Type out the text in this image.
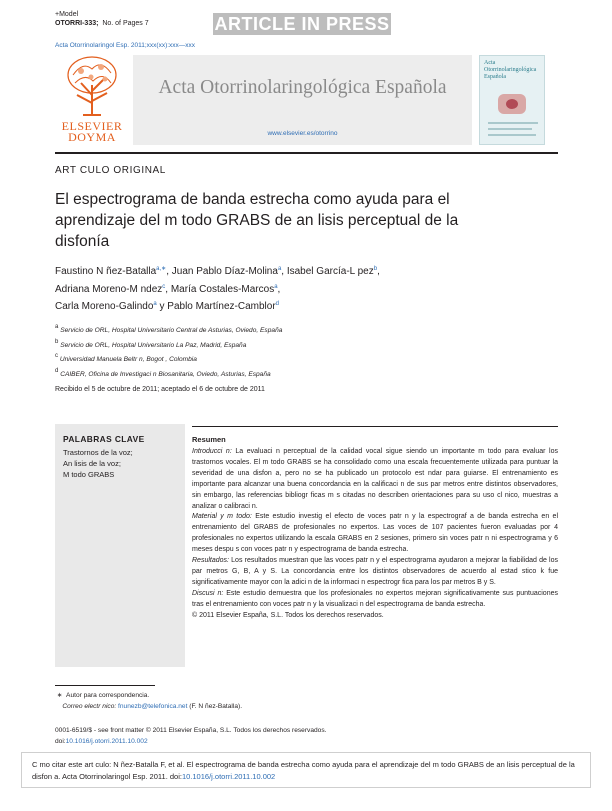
+Model
OTORRI-333; No. of Pages 7	ARTICLE IN PRESS
Acta Otorrinolaringol Esp. 2011;xxx(xx):xxx—xxx
ELSEVIER
DOYMA
Acta Otorrinolaringológica Española
www.elsevier.es/otorrino
Acta Otorrinolaringológica Española
ART CULO ORIGINAL
El espectrograma de banda estrecha como ayuda para el aprendizaje del m todo GRABS de an lisis perceptual de la disfonía
Faustino N ñez-Batalla$^{a,∗}$, Juan Pablo Díaz-Molina$^a$, Isabel García-L pez$^b$,
Adriana Moreno-M ndez$^c$, María Costales-Marcos$^a$,
Carla Moreno-Galindo$^a$ y Pablo Martínez-Camblor$^d$
$^a$ Servicio de ORL, Hospital Universitario Central de Asturias, Oviedo, España
$^b$ Servicio de ORL, Hospital Universitario La Paz, Madrid, España
$^c$ Universidad Manuela Beltr n, Bogot , Colombia
$^d$ CAIBER, Oficina de Investigaci n Biosanitaria, Oviedo, Asturias, España
Recibido el 5 de octubre de 2011; aceptado el 6 de octubre de 2011
PALABRAS CLAVE
Trastornos de la voz;
An lisis de la voz;
M todo GRABS
Resumen

Introducci n: La evaluaci n perceptual de la calidad vocal sigue siendo un importante m todo para evaluar los trastornos vocales. El m todo GRABS se ha consolidado como una escala frecuentemente utilizada para puntuar la severidad de una disfon a, pero no se ha publicado un protocolo est ndar para guiarse. El entrenamiento es importante para alcanzar una buena concordancia en la calificaci n de sus par metros entre distintos observadores, sin embargo, las referencias bibliogr ficas m s citadas no describen orientaciones para su uso cl nico, muestras a analizar o calibraci n.

Material y m todo: Este estudio investig el efecto de voces patr n y la espectrograf a de banda estrecha en el entrenamiento del GRABS de profesionales no expertos. Las voces de 107 pacientes fueron evaluadas por 4 profesionales no expertos utilizando la escala GRABS en 2 sesiones, primero sin voces patr n ni espectrograma y 6 meses despu s con voces patr n y espectrograma de banda estrecha.

Resultados: Los resultados muestran que las voces patr n y el espectrograma ayudaron a mejorar la fiabilidad de los par metros G, B, A y S. La concordancia entre los distintos observadores de acuerdo al estad stico k fue significativamente mayor con la adici n de la informaci n espectrogr fica para los par metros B y S.

Discusi n: Este estudio demuestra que los profesionales no expertos mejoran significativamente sus puntuaciones tras el entrenamiento con voces patr n y la visualizaci n del espectrograma de banda estrecha.

© 2011 Elsevier España, S.L. Todos los derechos reservados.

∗ Autor para correspondencia.
Correo electr nico: fnunezb@telefonica.net (F. N ñez-Batalla).
0001-6519/$ - see front matter © 2011 Elsevier España, S.L. Todos los derechos reservados.
doi:10.1016/j.otorri.2011.10.002
C mo citar este art culo: N ñez-Batalla F, et al. El espectrograma de banda estrecha como ayuda para el aprendizaje del m todo GRABS de an lisis perceptual de la disfon a. Acta Otorrinolaringol Esp. 2011. doi:10.1016/j.otorri.2011.10.002
